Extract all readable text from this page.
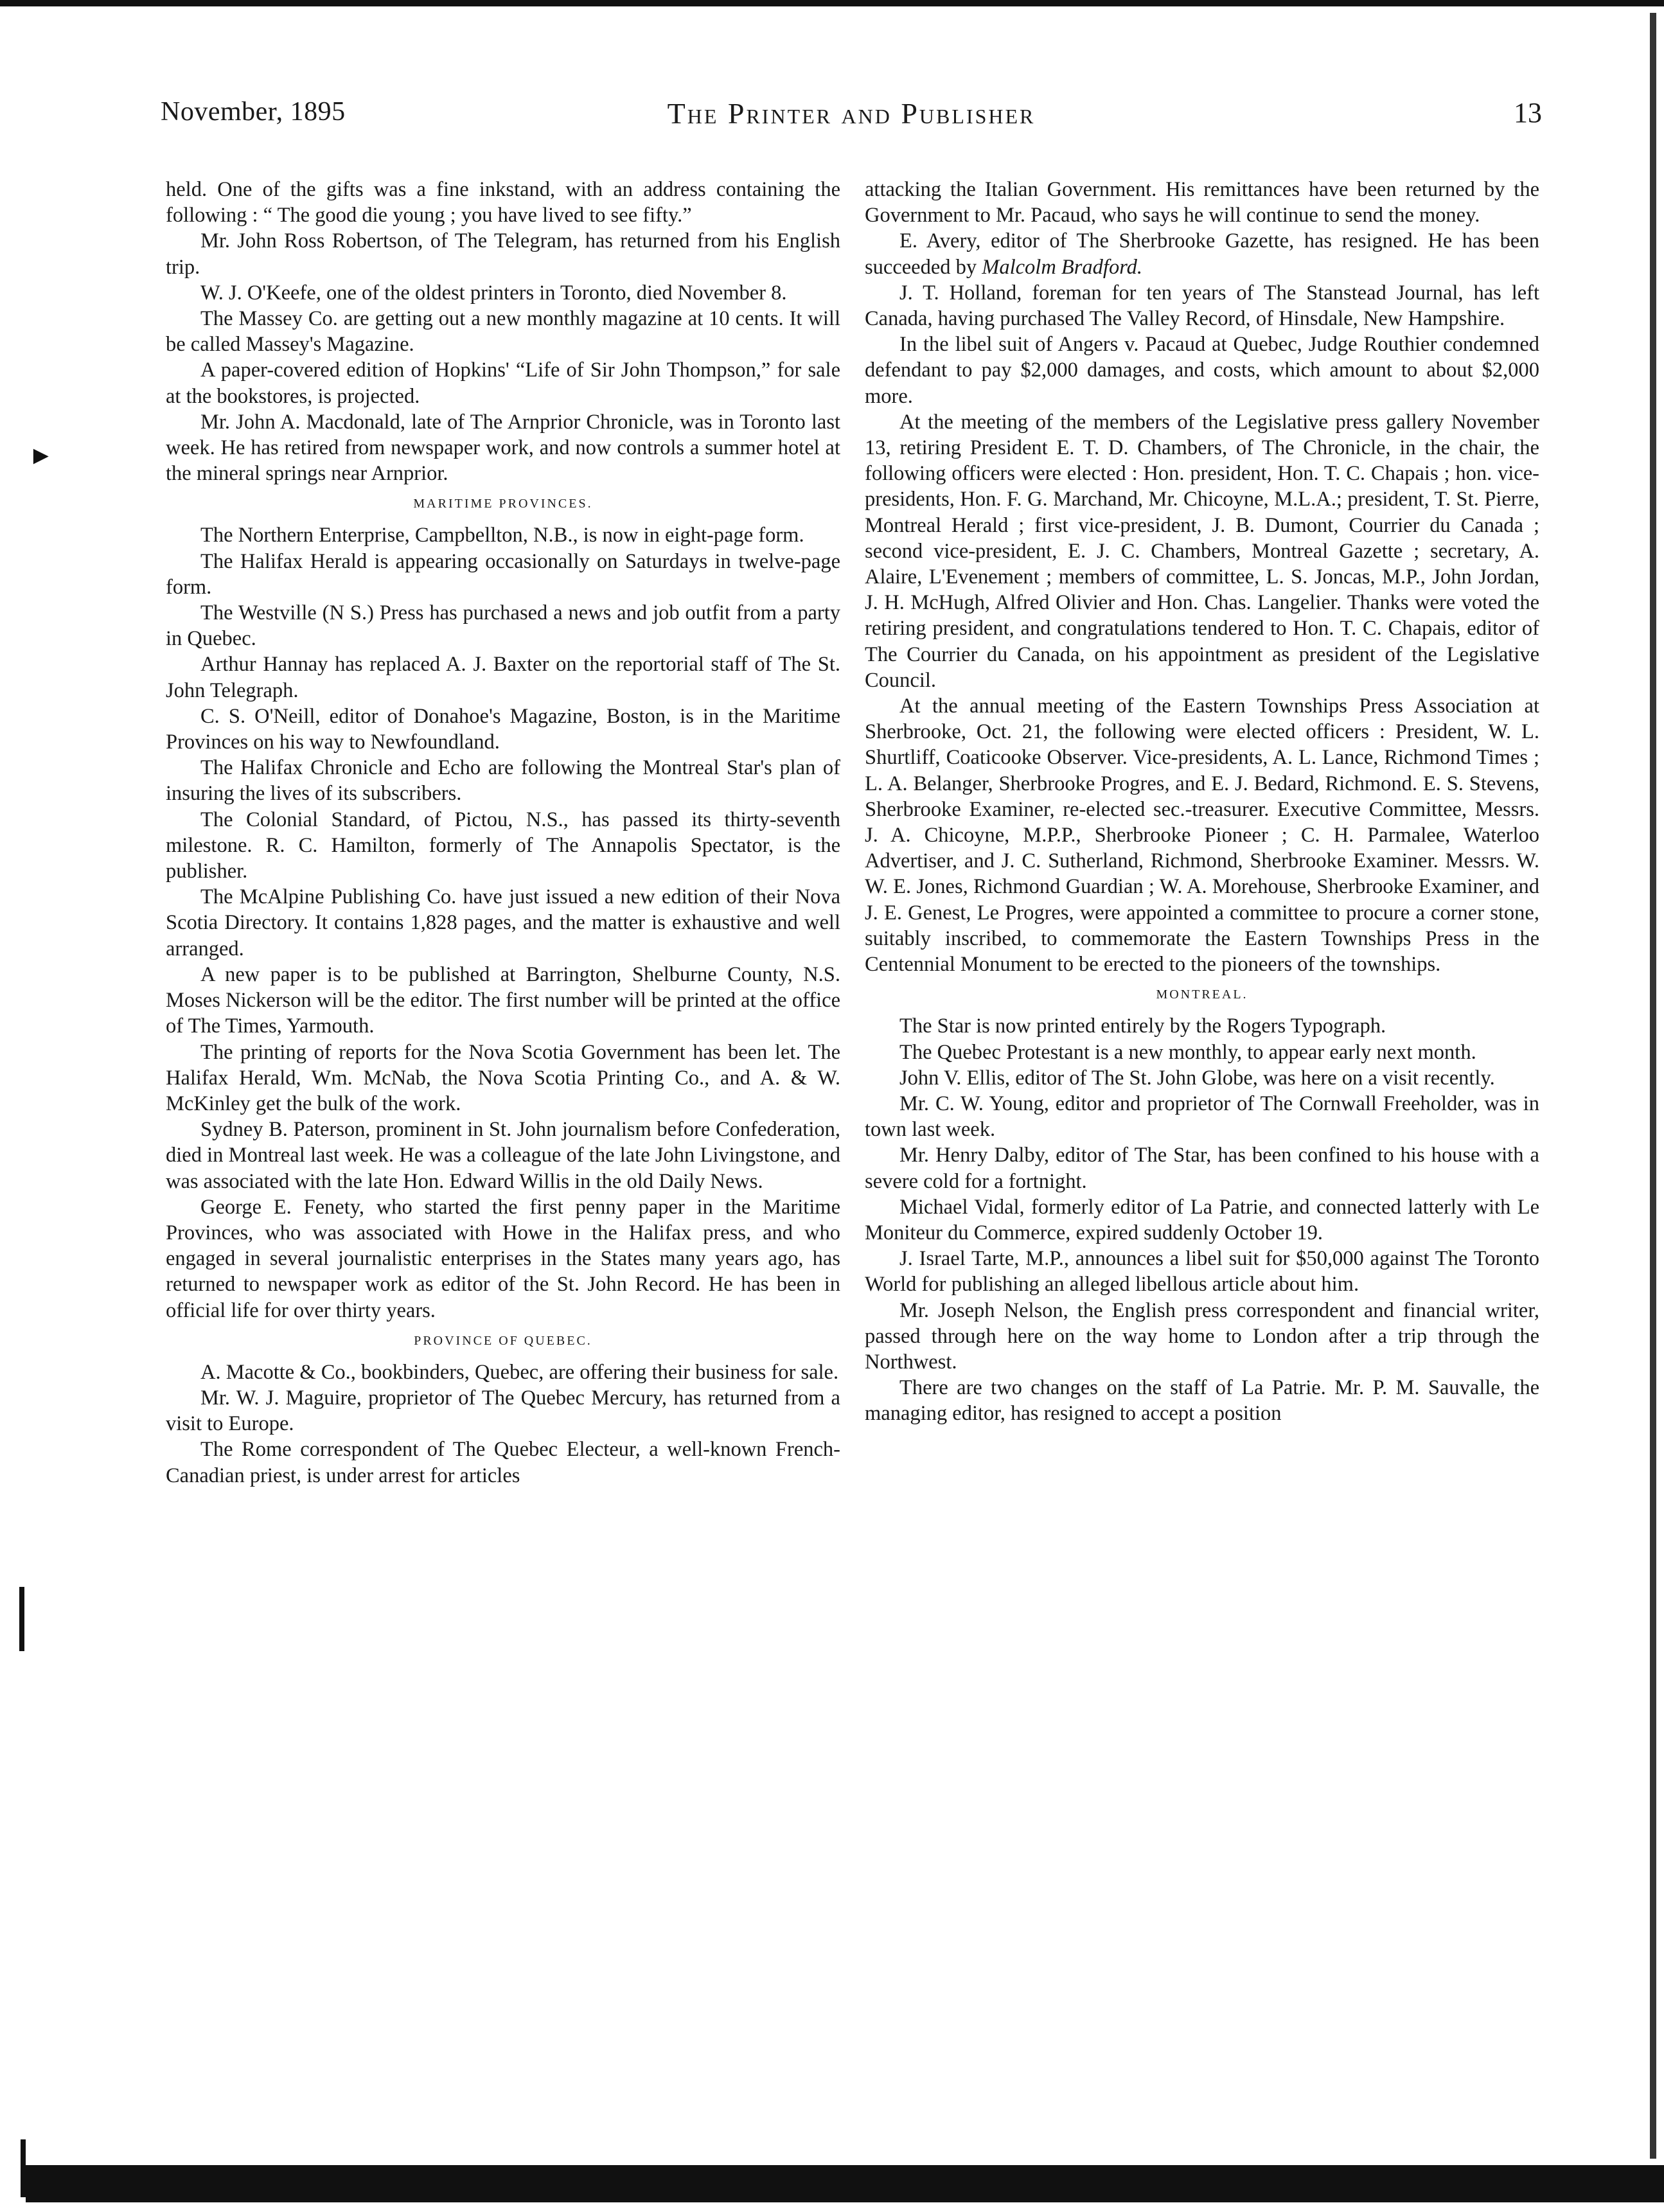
►
November, 1895	The Printer and Publisher	13

held. One of the gifts was a fine inkstand, with an address containing the following : “ The good die young ; you have lived to see fifty.”

Mr. John Ross Robertson, of The Telegram, has returned from his English trip.

W. J. O'Keefe, one of the oldest printers in Toronto, died November 8.

The Massey Co. are getting out a new monthly magazine at 10 cents. It will be called Massey's Magazine.

A paper-covered edition of Hopkins' “Life of Sir John Thompson,” for sale at the bookstores, is projected.

Mr. John A. Macdonald, late of The Arnprior Chronicle, was in Toronto last week. He has retired from newspaper work, and now controls a summer hotel at the mineral springs near Arnprior.

MARITIME PROVINCES.

The Northern Enterprise, Campbellton, N.B., is now in eight-page form.

The Halifax Herald is appearing occasionally on Saturdays in twelve-page form.

The Westville (N S.) Press has purchased a news and job outfit from a party in Quebec.

Arthur Hannay has replaced A. J. Baxter on the reportorial staff of The St. John Telegraph.

C. S. O'Neill, editor of Donahoe's Magazine, Boston, is in the Maritime Provinces on his way to Newfoundland.

The Halifax Chronicle and Echo are following the Montreal Star's plan of insuring the lives of its subscribers.

The Colonial Standard, of Pictou, N.S., has passed its thirty-seventh milestone. R. C. Hamilton, formerly of The Annapolis Spectator, is the publisher.

The McAlpine Publishing Co. have just issued a new edition of their Nova Scotia Directory. It contains 1,828 pages, and the matter is exhaustive and well arranged.

A new paper is to be published at Barrington, Shelburne County, N.S. Moses Nickerson will be the editor. The first number will be printed at the office of The Times, Yarmouth.

The printing of reports for the Nova Scotia Government has been let. The Halifax Herald, Wm. McNab, the Nova Scotia Printing Co., and A. & W. McKinley get the bulk of the work.

Sydney B. Paterson, prominent in St. John journalism before Confederation, died in Montreal last week. He was a colleague of the late John Livingstone, and was associated with the late Hon. Edward Willis in the old Daily News.

George E. Fenety, who started the first penny paper in the Maritime Provinces, who was associated with Howe in the Halifax press, and who engaged in several journalistic enterprises in the States many years ago, has returned to newspaper work as editor of the St. John Record. He has been in official life for over thirty years.

PROVINCE OF QUEBEC.

A. Macotte & Co., bookbinders, Quebec, are offering their business for sale.

Mr. W. J. Maguire, proprietor of The Quebec Mercury, has returned from a visit to Europe.

The Rome correspondent of The Quebec Electeur, a well-known French-Canadian priest, is under arrest for articles

attacking the Italian Government. His remittances have been returned by the Government to Mr. Pacaud, who says he will continue to send the money.

E. Avery, editor of The Sherbrooke Gazette, has resigned. He has been succeeded by Malcolm Bradford.

J. T. Holland, foreman for ten years of The Stanstead Journal, has left Canada, having purchased The Valley Record, of Hinsdale, New Hampshire.

In the libel suit of Angers v. Pacaud at Quebec, Judge Routhier condemned defendant to pay $2,000 damages, and costs, which amount to about $2,000 more.

At the meeting of the members of the Legislative press gallery November 13, retiring President E. T. D. Chambers, of The Chronicle, in the chair, the following officers were elected : Hon. president, Hon. T. C. Chapais ; hon. vice-presidents, Hon. F. G. Marchand, Mr. Chicoyne, M.L.A.; president, T. St. Pierre, Montreal Herald ; first vice-president, J. B. Dumont, Courrier du Canada ; second vice-president, E. J. C. Chambers, Montreal Gazette ; secretary, A. Alaire, L'Evenement ; members of committee, L. S. Joncas, M.P., John Jordan, J. H. McHugh, Alfred Olivier and Hon. Chas. Langelier. Thanks were voted the retiring president, and congratulations tendered to Hon. T. C. Chapais, editor of The Courrier du Canada, on his appointment as president of the Legislative Council.

At the annual meeting of the Eastern Townships Press Association at Sherbrooke, Oct. 21, the following were elected officers : President, W. L. Shurtliff, Coaticooke Observer. Vice-presidents, A. L. Lance, Richmond Times ; L. A. Belanger, Sherbrooke Progres, and E. J. Bedard, Richmond. E. S. Stevens, Sherbrooke Examiner, re-elected sec.-treasurer. Executive Committee, Messrs. J. A. Chicoyne, M.P.P., Sherbrooke Pioneer ; C. H. Parmalee, Waterloo Advertiser, and J. C. Sutherland, Richmond, Sherbrooke Examiner. Messrs. W. W. E. Jones, Richmond Guardian ; W. A. Morehouse, Sherbrooke Examiner, and J. E. Genest, Le Progres, were appointed a committee to procure a corner stone, suitably inscribed, to commemorate the Eastern Townships Press in the Centennial Monument to be erected to the pioneers of the townships.

MONTREAL.

The Star is now printed entirely by the Rogers Typograph.

The Quebec Protestant is a new monthly, to appear early next month.

John V. Ellis, editor of The St. John Globe, was here on a visit recently.

Mr. C. W. Young, editor and proprietor of The Cornwall Freeholder, was in town last week.

Mr. Henry Dalby, editor of The Star, has been confined to his house with a severe cold for a fortnight.

Michael Vidal, formerly editor of La Patrie, and connected latterly with Le Moniteur du Commerce, expired suddenly October 19.

J. Israel Tarte, M.P., announces a libel suit for $50,000 against The Toronto World for publishing an alleged libellous article about him.

Mr. Joseph Nelson, the English press correspondent and financial writer, passed through here on the way home to London after a trip through the Northwest.

There are two changes on the staff of La Patrie. Mr. P. M. Sauvalle, the managing editor, has resigned to accept a position
